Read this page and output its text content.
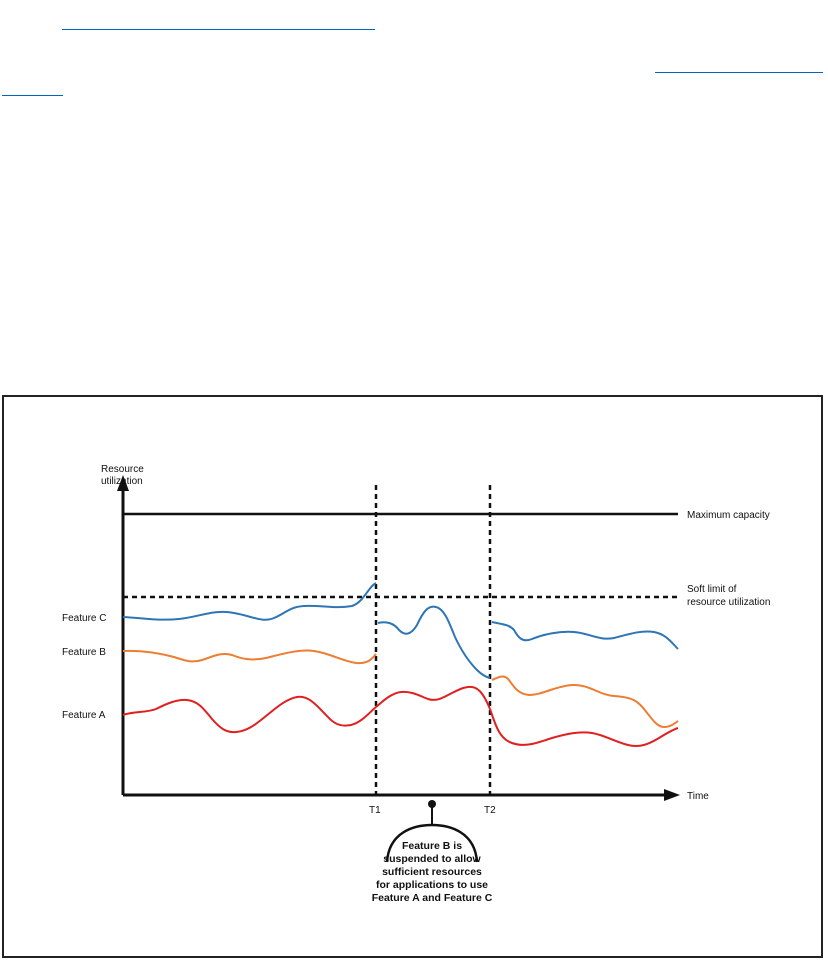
Resource
utilization
Time
Maximum capacity
Soft limit of
resource utilization
T1	T2
Feature C
Feature B
Feature A
Feature B is
suspended to allow
sufficient resources
for applications to use
Feature A and Feature C
